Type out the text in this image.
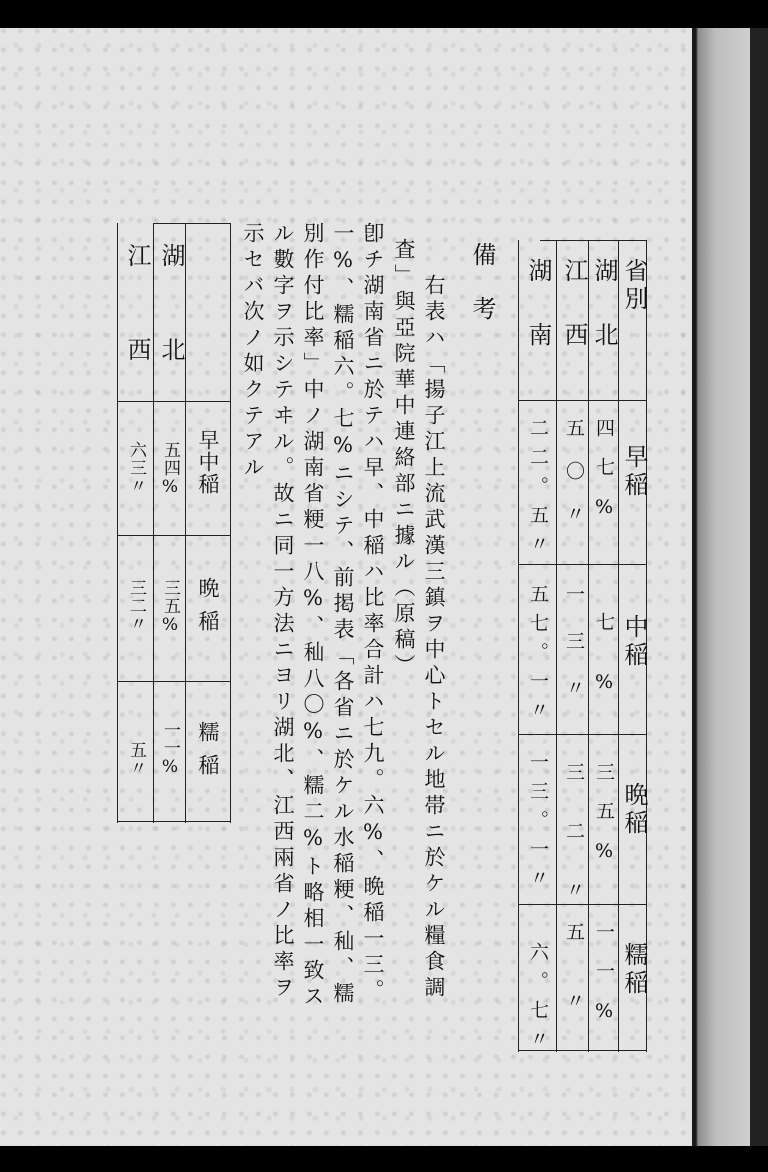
省別
早稲
中稲
晩稲
糯稲
湖北
四七%
七%
三五%
一一%
江西
五〇〃
一三〃
三二〃
五〃
湖南
二二。五〃
五七。一〃
一三。一〃
六。七〃
備考
右表ハ「揚子江上流武漢三鎮ヲ中心トセル地帯ニ於ケル糧食調
査」與亞院華中連絡部ニ據ル（原稿）
卽チ湖南省ニ於テハ早、中稲ハ比率合計ハ七九。六%、晩稲一三。
一%、糯稲六。七%ニシテ、前掲表「各省ニ於ケル水稲粳、秈、糯
別作付比率」中ノ湖南省粳一八%、秈八〇%、糯二%ト略相一致ス
ル數字ヲ示シテヰル。故ニ同一方法ニヨリ湖北、江西兩省ノ比率ヲ
示セバ次ノ如クテアル
早中稲
晩稲
糯稲
湖北
五四%
三五%
一一%
江西
六三〃
三二〃
五〃
